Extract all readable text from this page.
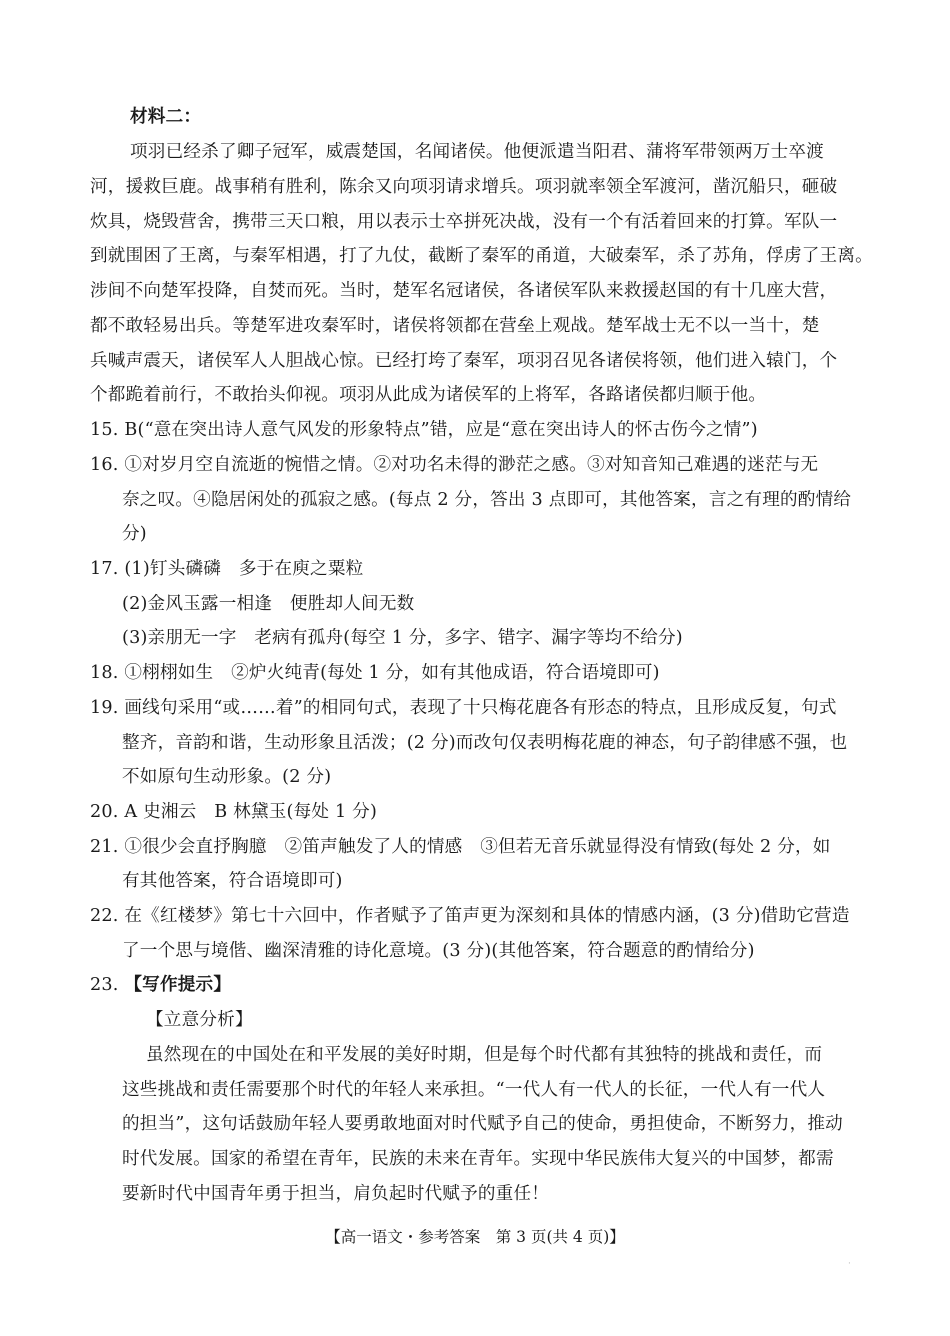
材料二：
项羽已经杀了卿子冠军，威震楚国，名闻诸侯。他便派遣当阳君、蒲将军带领两万士卒渡
河，援救巨鹿。战事稍有胜利，陈余又向项羽请求增兵。项羽就率领全军渡河，凿沉船只，砸破
炊具，烧毁营舍，携带三天口粮，用以表示士卒拼死决战，没有一个有活着回来的打算。军队一
到就围困了王离，与秦军相遇，打了九仗，截断了秦军的甬道，大破秦军，杀了苏角，俘虏了王离。
涉间不向楚军投降，自焚而死。当时，楚军名冠诸侯，各诸侯军队来救援赵国的有十几座大营，
都不敢轻易出兵。等楚军进攻秦军时，诸侯将领都在营垒上观战。楚军战士无不以一当十，楚
兵喊声震天，诸侯军人人胆战心惊。已经打垮了秦军，项羽召见各诸侯将领，他们进入辕门，个
个都跪着前行，不敢抬头仰视。项羽从此成为诸侯军的上将军，各路诸侯都归顺于他。
15. B(“意在突出诗人意气风发的形象特点”错，应是“意在突出诗人的怀古伤今之情”)
16. ①对岁月空自流逝的惋惜之情。②对功名未得的渺茫之感。③对知音知己难遇的迷茫与无
奈之叹。④隐居闲处的孤寂之感。(每点 2 分，答出 3 点即可，其他答案，言之有理的酌情给
分)
17. (1)钉头磷磷　多于在庾之粟粒
(2)金风玉露一相逢　便胜却人间无数
(3)亲朋无一字　老病有孤舟(每空 1 分，多字、错字、漏字等均不给分)
18. ①栩栩如生　②炉火纯青(每处 1 分，如有其他成语，符合语境即可)
19. 画线句采用“或……着”的相同句式，表现了十只梅花鹿各有形态的特点，且形成反复，句式
整齐，音韵和谐，生动形象且活泼；(2 分)而改句仅表明梅花鹿的神态，句子韵律感不强，也
不如原句生动形象。(2 分)
20. A 史湘云　B 林黛玉(每处 1 分)
21. ①很少会直抒胸臆　②笛声触发了人的情感　③但若无音乐就显得没有情致(每处 2 分，如
有其他答案，符合语境即可)
22. 在《红楼梦》第七十六回中，作者赋予了笛声更为深刻和具体的情感内涵，(3 分)借助它营造
了一个思与境偕、幽深清雅的诗化意境。(3 分)(其他答案，符合题意的酌情给分)
23. 【写作提示】
【立意分析】
虽然现在的中国处在和平发展的美好时期，但是每个时代都有其独特的挑战和责任，而
这些挑战和责任需要那个时代的年轻人来承担。“一代人有一代人的长征，一代人有一代人
的担当”，这句话鼓励年轻人要勇敢地面对时代赋予自己的使命，勇担使命，不断努力，推动
时代发展。国家的希望在青年，民族的未来在青年。实现中华民族伟大复兴的中国梦，都需
要新时代中国青年勇于担当，肩负起时代赋予的重任！
【高一语文・参考答案　第 3 页(共 4 页)】
·
